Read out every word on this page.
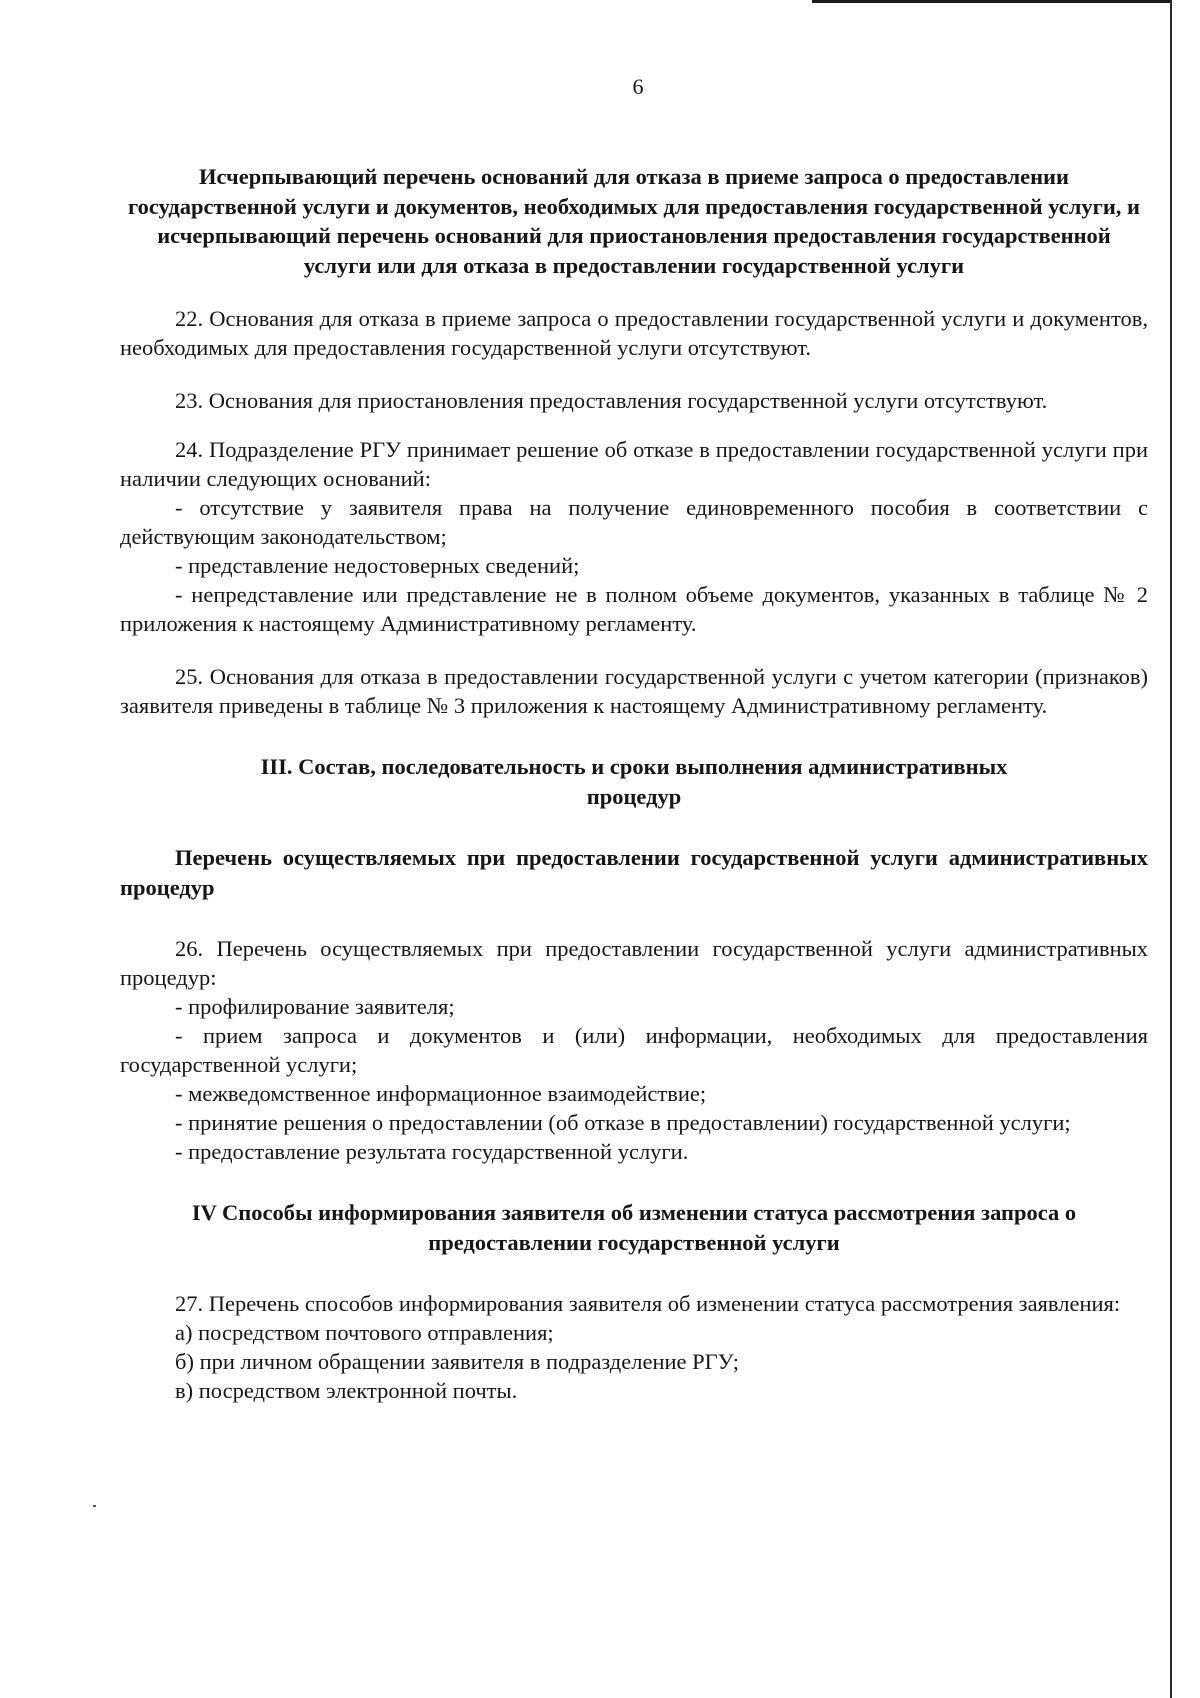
6

Исчерпывающий перечень оснований для отказа в приеме запроса о предоставлении государственной услуги и документов, необходимых для предоставления государственной услуги, и исчерпывающий перечень оснований для приостановления предоставления государственной услуги или для отказа в предоставлении государственной услуги

22. Основания для отказа в приеме запроса о предоставлении государственной услуги и документов, необходимых для предоставления государственной услуги отсутствуют.

23. Основания для приостановления предоставления государственной услуги отсутствуют.

24. Подразделение РГУ принимает решение об отказе в предоставлении государственной услуги при наличии следующих оснований:

- отсутствие у заявителя права на получение единовременного пособия в соответствии с действующим законодательством;

- представление недостоверных сведений;

- непредставление или представление не в полном объеме документов, указанных в таблице № 2 приложения к настоящему Административному регламенту.

25. Основания для отказа в предоставлении государственной услуги с учетом категории (признаков) заявителя приведены в таблице № 3 приложения к настоящему Административному регламенту.

III. Состав, последовательность и сроки выполнения административных процедур

Перечень осуществляемых при предоставлении государственной услуги административных процедур

26. Перечень осуществляемых при предоставлении государственной услуги административных процедур:

- профилирование заявителя;

- прием запроса и документов и (или) информации, необходимых для предоставления государственной услуги;

- межведомственное информационное взаимодействие;

- принятие решения о предоставлении (об отказе в предоставлении) государственной услуги;

- предоставление результата государственной услуги.

IV Способы информирования заявителя об изменении статуса рассмотрения запроса о предоставлении государственной услуги

27. Перечень способов информирования заявителя об изменении статуса рассмотрения заявления:

а) посредством почтового отправления;

б) при личном обращении заявителя в подразделение РГУ;

в) посредством электронной почты.
